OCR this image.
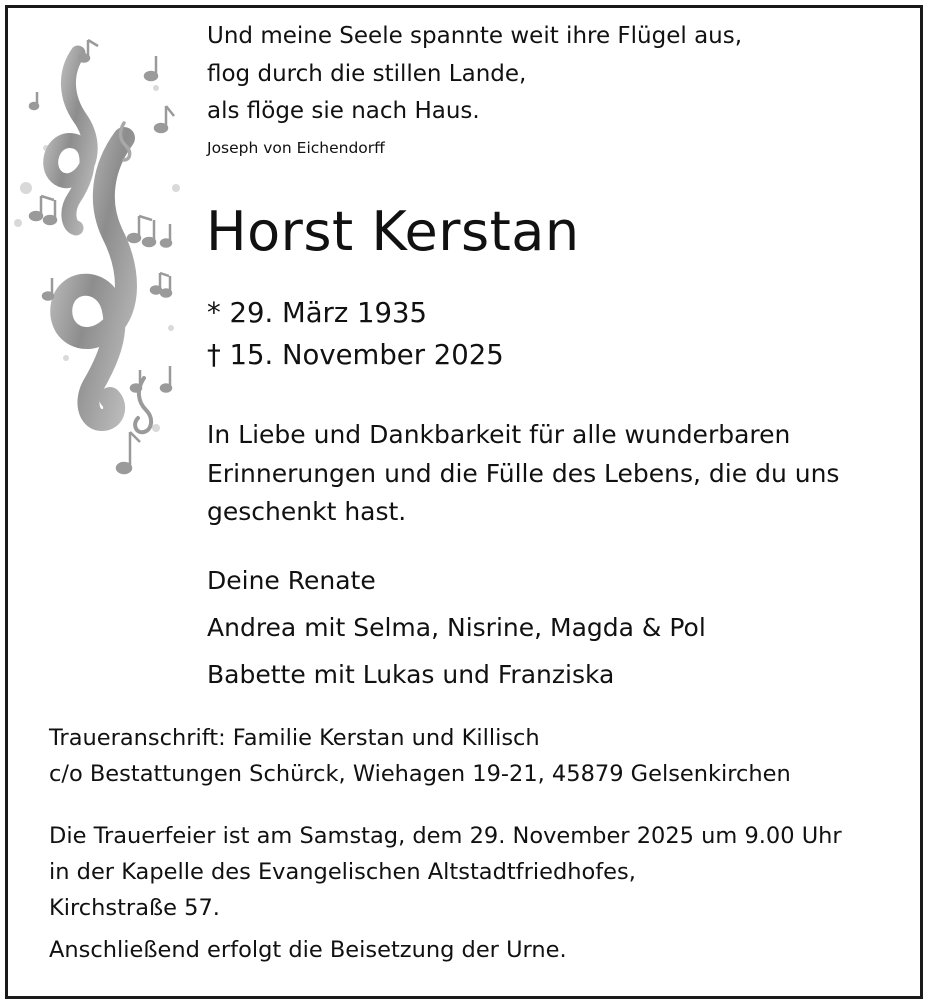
Und meine Seele spannte weit ihre Flügel aus,
flog durch die stillen Lande,
als flöge sie nach Haus.
Joseph von Eichendorff
Horst Kerstan
* 29. März 1935
† 15. November 2025
In Liebe und Dankbarkeit für alle wunderbaren
Erinnerungen und die Fülle des Lebens, die du uns
geschenkt hast.
Deine Renate
Andrea mit Selma, Nisrine, Magda & Pol
Babette mit Lukas und Franziska
Traueranschrift: Familie Kerstan und Killisch
c/o Bestattungen Schürck, Wiehagen 19-21, 45879 Gelsenkirchen
Die Trauerfeier ist am Samstag, dem 29. November 2025 um 9.00 Uhr
in der Kapelle des Evangelischen Altstadtfriedhofes,
Kirchstraße 57.
Anschließend erfolgt die Beisetzung der Urne.
